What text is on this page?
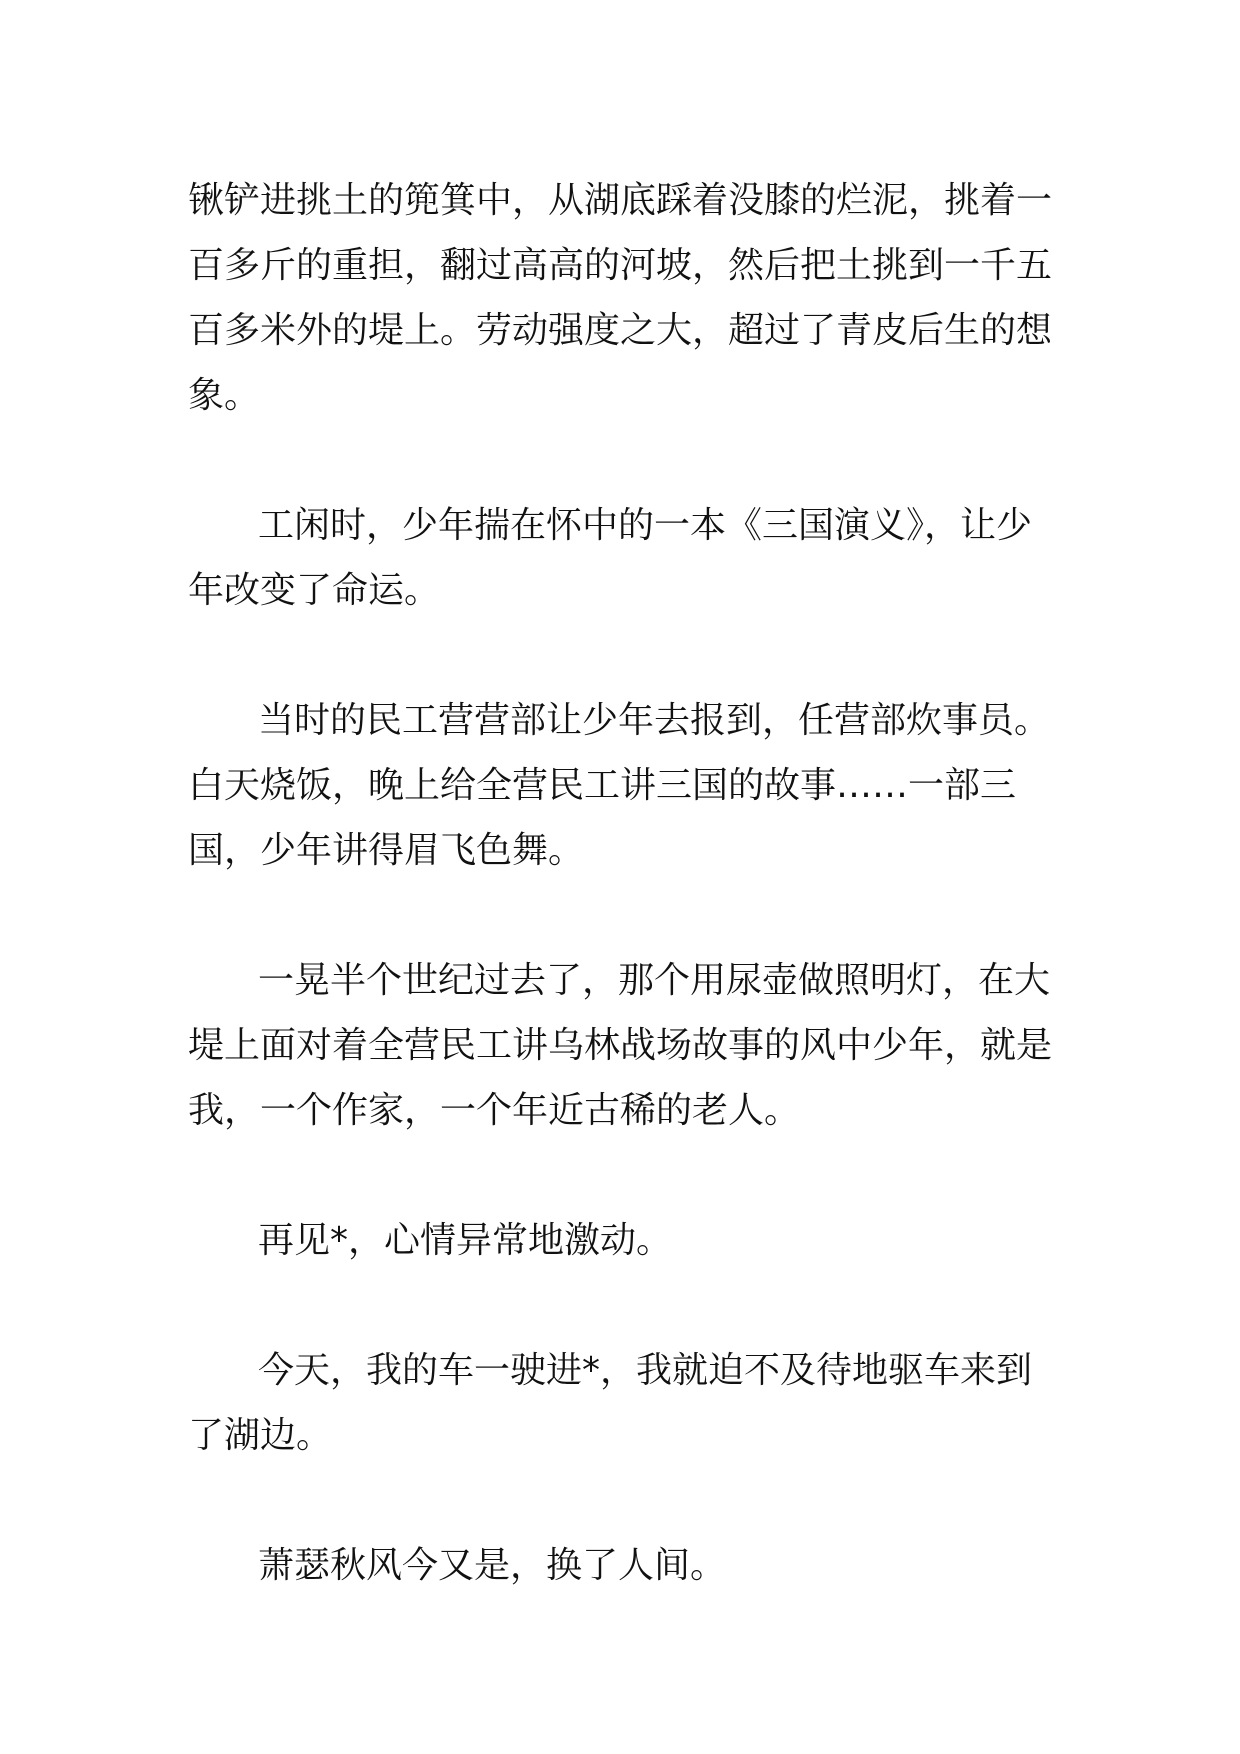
锹铲进挑土的篼箕中，从湖底踩着没膝的烂泥，挑着一百多斤的重担，翻过高高的河坡，然后把土挑到一千五百多米外的堤上。劳动强度之大，超过了青皮后生的想象。

工闲时，少年揣在怀中的一本《三国演义》，让少年改变了命运。

当时的民工营营部让少年去报到，任营部炊事员。白天烧饭，晚上给全营民工讲三国的故事……一部三国，少年讲得眉飞色舞。

一晃半个世纪过去了，那个用尿壶做照明灯，在大堤上面对着全营民工讲乌林战场故事的风中少年，就是我，一个作家，一个年近古稀的老人。

再见*，心情异常地激动。

今天，我的车一驶进*，我就迫不及待地驱车来到了湖边。

萧瑟秋风今又是，换了人间。
